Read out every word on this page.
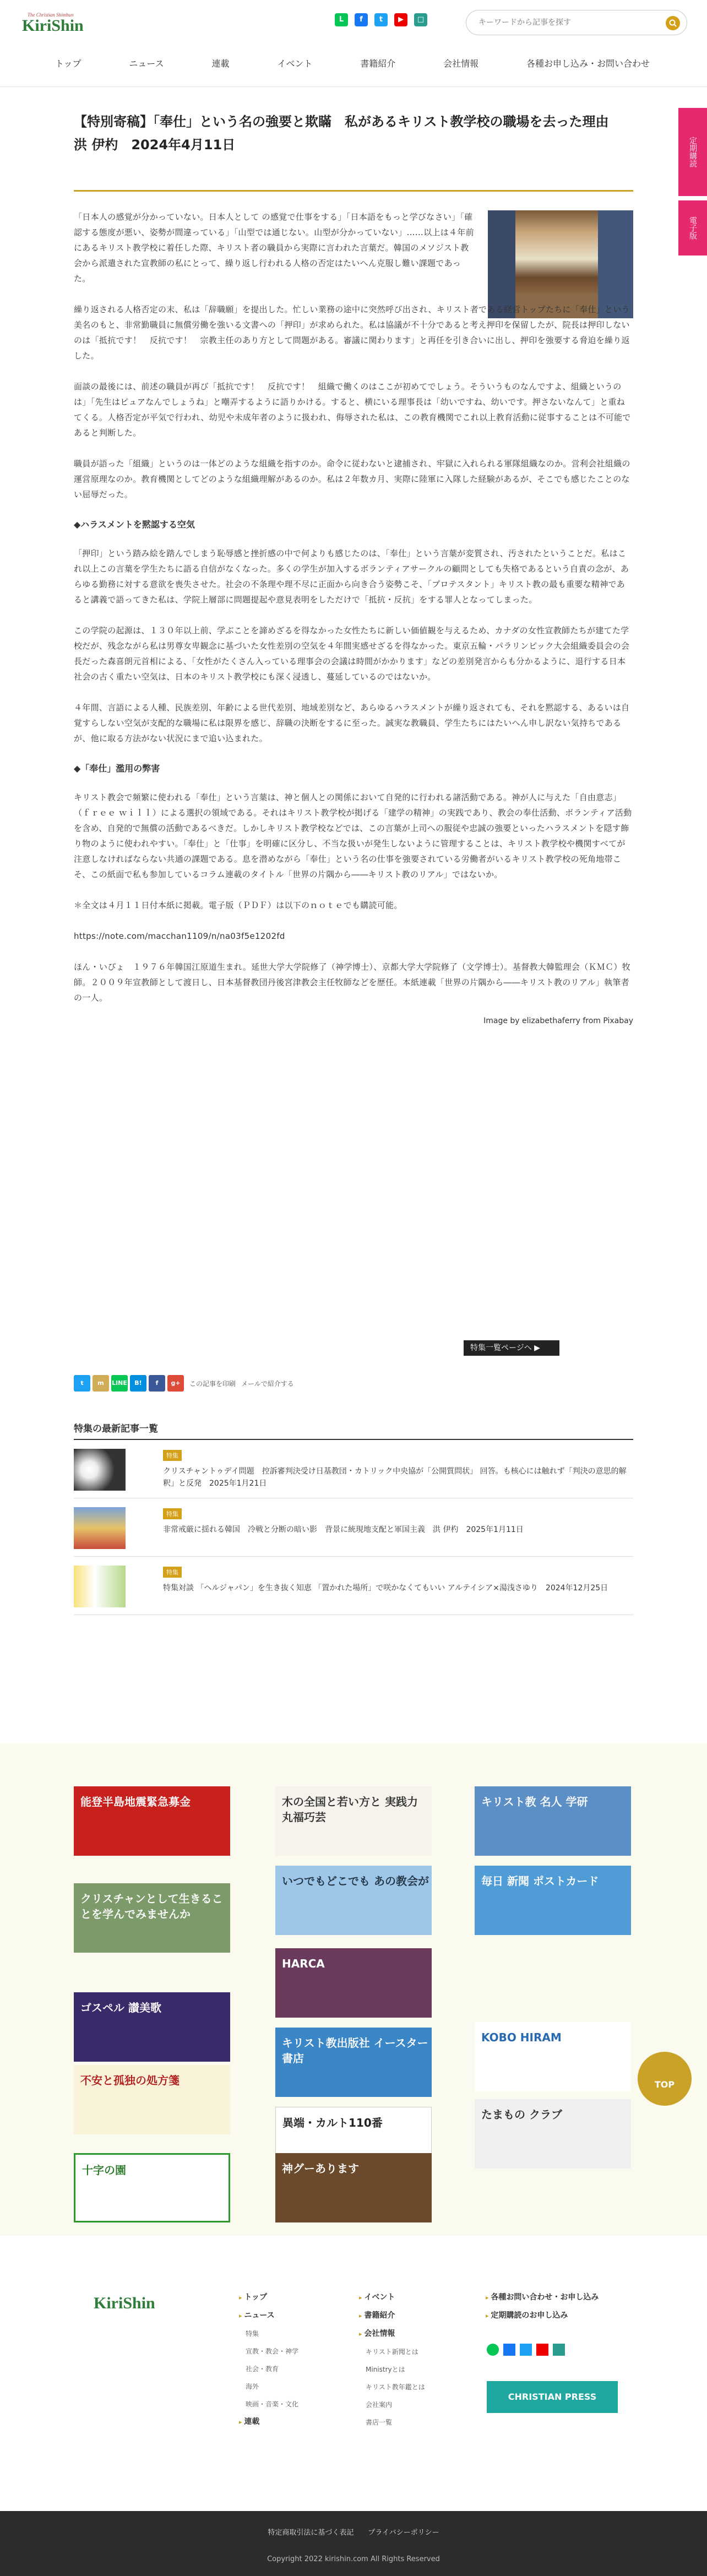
The Christian Shimbun
KiriShin	L	f	t	▶	□
キーワードから記事を探す
トップ	ニュース	連載	イベント	書籍紹介	会社情報	各種お申し込み・お問い合わせ
定期購読
電子版
【特別寄稿】「奉仕」という名の強要と欺瞞　私があるキリスト教学校の職場を去った理由　洪 伊杓　2024年4月11日

「日本人の感覚が分かっていない。日本人として の感覚で仕事をする」「日本語をもっと学びなさい」「確認する態度が悪い、姿勢が間違っている」「山型では通じない。山型が分かっていない」……以上は４年前にあるキリスト教学校に着任した際、キリスト者の職員から実際に言われた言葉だ。韓国のメソジスト教会から派遣された宣教師の私にとって、繰り返し行われる人格の否定はたいへん克服し難い課題であった。

繰り返される人格否定の末、私は「辞職願」を提出した。忙しい業務の途中に突然呼び出され、キリスト者である経営トップたちに「奉仕」という美名のもと、非常勤職員に無償労働を強いる文書への「押印」が求められた。私は協議が不十分であると考え押印を保留したが、院長は押印しないのは「抵抗です！　反抗です！　宗教主任のあり方として問題がある。審議に関わります」と再任を引き合いに出し、押印を強要する脅迫を繰り返した。

面談の最後には、前述の職員が再び「抵抗です！　反抗です！　組織で働くのはここが初めてでしょう。そういうものなんですよ、組織というのは」「先生はピュアなんでしょうね」と嘲弄するように語りかける。すると、横にいる理事長は「幼いですね、幼いです。押さないなんて」と重ねてくる。人格否定が平気で行われ、幼児や未成年者のように扱われ、侮辱された私は、この教育機関でこれ以上教育活動に従事することは不可能であると判断した。

職員が語った「組織」というのは一体どのような組織を指すのか。命令に従わないと逮捕され、牢獄に入れられる軍隊組織なのか。営利会社組織の運営原理なのか。教育機関としてどのような組織理解があるのか。私は２年数カ月、実際に陸軍に入隊した経験があるが、そこでも感じたことのない屈辱だった。

◆ハラスメントを黙認する空気

「押印」という踏み絵を踏んでしまう恥辱感と挫折感の中で何よりも感じたのは、「奉仕」という言葉が変質され、汚されたということだ。私はこれ以上この言葉を学生たちに語る自信がなくなった。多くの学生が加入するボランティアサークルの顧問としても失格であるという自責の念が、あらゆる勤務に対する意欲を喪失させた。社会の不条理や理不尽に正面から向き合う姿勢こそ、「プロテスタント」キリスト教の最も重要な精神であると講義で語ってきた私は、学院上層部に問題提起や意見表明をしただけで「抵抗・反抗」をする罪人となってしまった。

この学院の起源は、１３０年以上前、学ぶことを諦めざるを得なかった女性たちに新しい価値観を与えるため、カナダの女性宣教師たちが建てた学校だが、残念ながら私は男尊女卑観念に基づいた女性差別の空気を４年間実感せざるを得なかった。東京五輪・パラリンピック大会組織委員会の会長だった森喜朗元首相による、「女性がたくさん入っている理事会の会議は時間がかかります」などの差別発言からも分かるように、退行する日本社会の古く重たい空気は、日本のキリスト教学校にも深く浸透し、蔓延しているのではないか。

４年間、言語による人種、民族差別、年齢による世代差別、地域差別など、あらゆるハラスメントが繰り返されても、それを黙認する、あるいは自覚すらしない空気が支配的な職場に私は限界を感じ、辞職の決断をするに至った。誠実な教職員、学生たちにはたいへん申し訳ない気持ちであるが、他に取る方法がない状況にまで追い込まれた。

◆「奉仕」濫用の弊害

キリスト教会で頻繁に使われる「奉仕」という言葉は、神と個人との関係において自発的に行われる諸活動である。神が人に与えた「自由意志」（ｆｒｅｅ ｗｉｌｌ）による選択の領域である。それはキリスト教学校が掲げる「建学の精神」の実践であり、教会の奉仕活動、ボランティア活動を含め、自発的で無償の活動であるべきだ。しかしキリスト教学校などでは、この言葉が上司への服従や忠誠の強要といったハラスメントを隠す飾り物のように使われやすい。「奉仕」と「仕事」を明確に区分し、不当な扱いが発生しないように管理することは、キリスト教学校や機関すべてが注意しなければならない共通の課題である。息を潜めながら「奉仕」という名の仕事を強要されている労働者がいるキリスト教学校の死角地帯こそ、この紙面で私も参加しているコラム連載のタイトル「世界の片隅から――キリスト教のリアル」ではないか。

＊全文は４月１１日付本紙に掲載。電子版（ＰＤＦ）は以下のｎｏｔｅでも購読可能。

https://note.com/macchan1109/n/na03f5e1202fd

ほん・いぴょ　１９７６年韓国江原道生まれ。延世大学大学院修了（神学博士）、京都大学大学院修了（文学博士）。基督教大韓監理会（ＫＭＣ）牧師。２００９年宣教師として渡日し、日本基督教団丹後宮津教会主任牧師などを歴任。本紙連載「世界の片隅から――キリスト教のリアル」執筆者の一人。

Image by elizabethaferry from Pixabay
特集一覧ページへ ▶
t	m	LINE	B!	f	g+	この記事を印刷 メールで紹介する
特集の最新記事一覧
特集
クリスチャントゥデイ問題　控訴審判決受け日基教団・カトリック中央協が「公開質問状」 回答。も核心には触れず「判決の意思的解釈」と反発　2025年1月21日
特集
非常戒厳に揺れる韓国　冷戦と分断の暗い影　背景に統現地支配と軍国主義　洪 伊杓　2025年1月11日
特集
特集対談 「ヘルジャパン」を生き抜く知恵 「置かれた場所」で咲かなくてもいい アルテイシア×湯浅さゆり　2024年12月25日
能登半島地震緊急募金	木の全国と若い方と 実践力 丸福巧芸
キリスト教 名人 学研
クリスチャンとして生きることを学んでみませんか
いつでもどこでも あの教会が	毎日 新聞 ポストカード
ゴスペル 讃美歌
HARCA
KOBO HIRAM
不安と孤独の処方箋
キリスト教出版社 イースター書店
たまもの クラブ
十字の園
異端・カルト110番
神グーあります
TOP
KiriShin
▸	トップ
▸ ニュース
特集
宣教・教会・神学
社会・教育
海外
映画・音楽・文化
▸ 連載
▸ イベント
▸ 書籍紹介
▸ 会社情報
キリスト新聞とは
Ministryとは
キリスト教年鑑とは
会社案内
書店一覧
▸ 各種お問い合わせ・お申し込み
▸ 定期購読のお申し込み
CHRISTIAN PRESS
特定商取引法に基づく表記　　プライバシーポリシー
Copyright 2022 kirishin.com All Rights Reserved
